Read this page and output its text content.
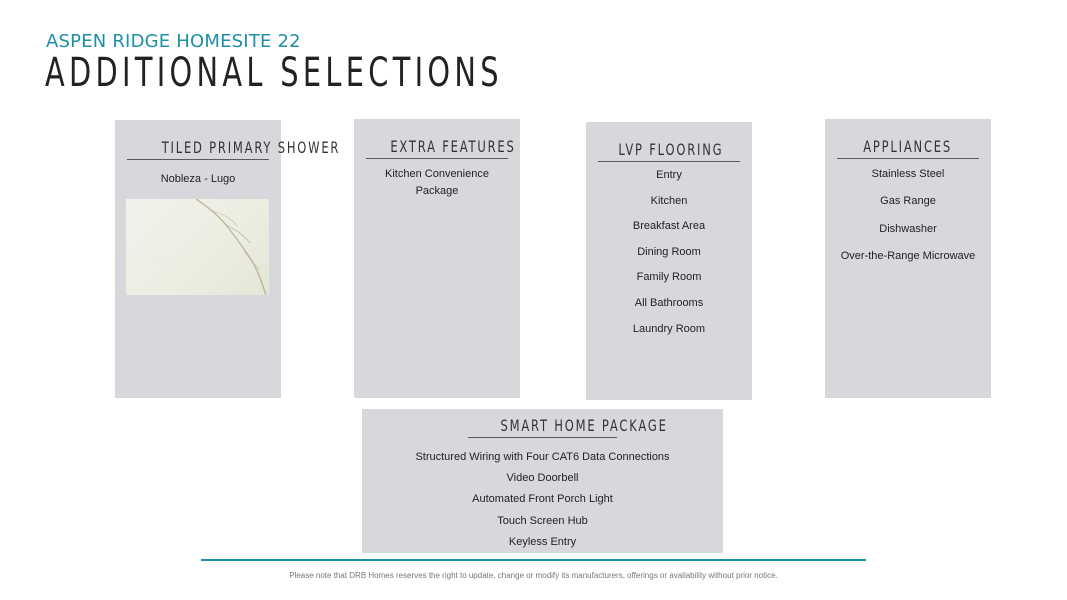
ASPEN RIDGE HOMESITE 22
ADDITIONAL SELECTIONS
TILED PRIMARY SHOWER
Nobleza - Lugo
EXTRA FEATURES
Kitchen Convenience
Package
LVP FLOORING
Entry
Kitchen
Breakfast Area
Dining Room
Family Room
All Bathrooms
Laundry Room
APPLIANCES
Stainless Steel
Gas Range
Dishwasher
Over-the-Range Microwave
SMART HOME PACKAGE
Structured Wiring with Four CAT6 Data Connections
Video Doorbell
Automated Front Porch Light
Touch Screen Hub
Keyless Entry
Please note that DRB Homes reserves the right to update, change or modify its manufacturers, offerings or availability without prior notice.
